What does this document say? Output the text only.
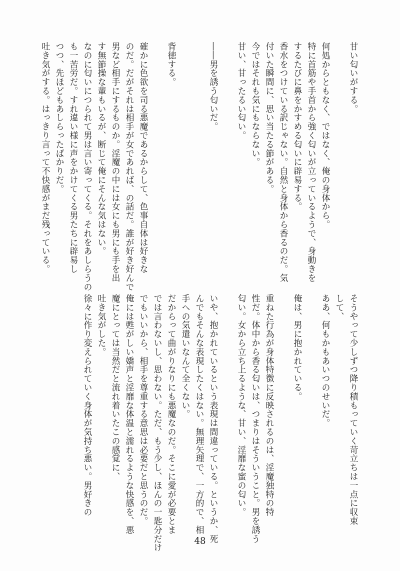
甘い匂いがする。

何処からともなく、ではなく、俺の身体から。

特に首筋や手首から強く匂いが立っているようで、身動きを

するたびに鼻をかすめる匂いに辟易する。

香水をつけている訳じゃない。自然と身体から香るのだ。気

付いた瞬間に、思い当たる節がある。

今ではそれも気にもならない。

甘い、甘ったるい匂い。

――男を誘う匂いだ。

背徳する。

確かに色欲を司る悪魔であるからして、色事自体は好きな

のだ。だがそれは相手が女であれば、の話だ。誰が好き好んで

男など相手にするものか。淫魔の中には女にも男にも手を出

す無節操な輩もいるが、断じて俺にそんな気はない。

なのに匂いにつられて男は言い寄ってくる。それをあしらうの

も一苦労だ。すれ違い様に声をかけてくる男たちに辟易し

つつ、先ほどもあしらったばかりだ。

吐き気がする。はっきり言って不快感がまだ残っている。

そうやって少しずつ降り積もっていく苛立ちは一点に収束

して、

ああ、何もかもあいつのせいだ。

俺は、男に抱かれている。

重ねた行為が身体特徴に反映されるのは、淫魔独特の特

性だ。体中から香る匂いは、つまりはそういうこと。男を誘う

匂い。女から立ち上るような、甘い、淫靡な蜜の匂い。

いや、抱かれているという表現は間違っている。というか、死

んでもそんな表現したくはない。無理矢理で、一方的で、相

手への気遣いなんて全くない。

だからって曲がりなりにも悪魔なのだ。そこに愛が必要とま

では言わないし、思わない。ただ、もう少し、ほんの一匙分だけ

でもいいから、相手を尊重する意思は必要だと思うのだ。

俺には甦がしい嬌声と淫靡な体温と濡れるような快感を、悪

魔にとっては当然だと流れ着いたこの感覚に、

吐き気がした。

徐々に作り変えられていく身体が気持ち悪い。男好きの

48
